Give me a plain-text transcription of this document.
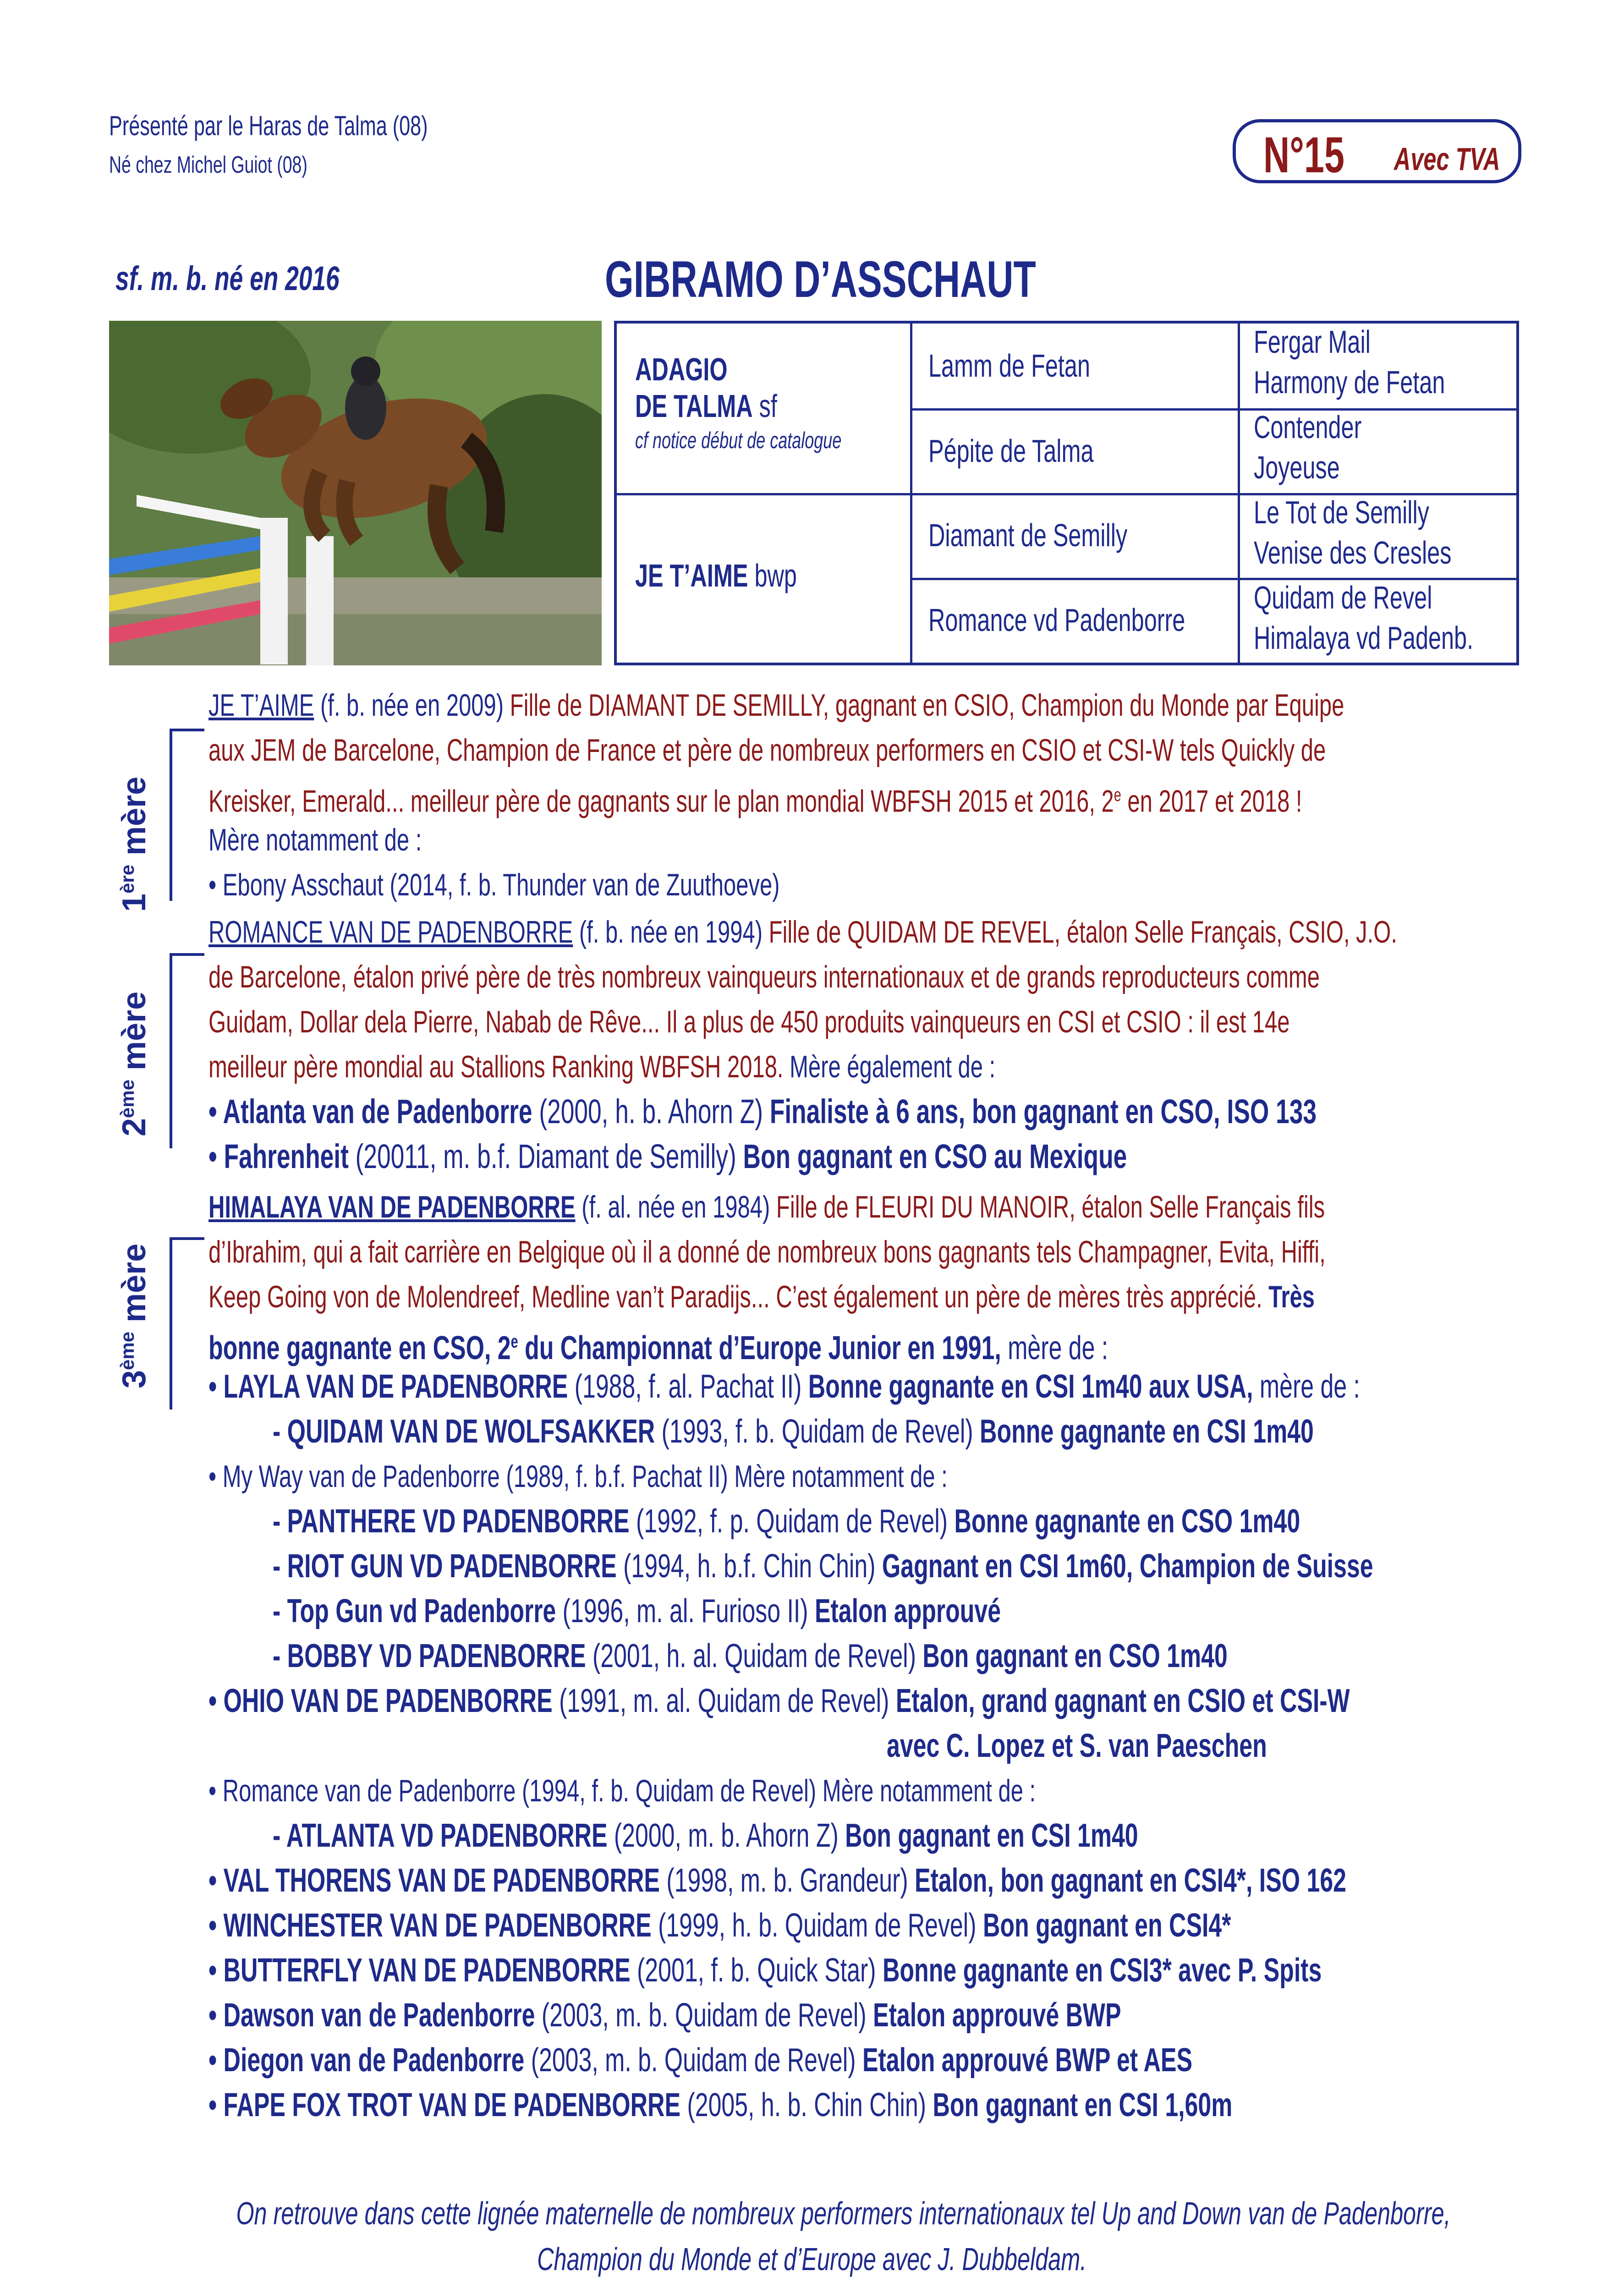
Présenté par le Haras de Talma (08)
Né chez Michel Guiot (08)	N°15 Avec TVA
sf. m. b. né en 2016	GIBRAMO D’ASSCHAUT
ADAGIO
DE TALMA sf
cf notice début de catalogue
JE T’AIME bwp
Lamm de Fetan
Pépite de Talma
Diamant de Semilly
Romance vd Padenborre
Fergar Mail
Harmony de Fetan
Contender
Joyeuse
Le Tot de Semilly
Venise des Cresles
Quidam de Revel
Himalaya vd Padenb.
1ère mère
2ème mère
3ème mère
JE T’AIME (f. b. née en 2009) Fille de DIAMANT DE SEMILLY, gagnant en CSIO, Champion du Monde par Equipe
aux JEM de Barcelone, Champion de France et père de nombreux performers en CSIO et CSI-W tels Quickly de
Kreisker, Emerald... meilleur père de gagnants sur le plan mondial WBFSH 2015 et 2016, 2e en 2017 et 2018 !
Mère notamment de :
• Ebony Asschaut (2014, f. b. Thunder van de Zuuthoeve)
ROMANCE VAN DE PADENBORRE (f. b. née en 1994) Fille de QUIDAM DE REVEL, étalon Selle Français, CSIO, J.O.
de Barcelone, étalon privé père de très nombreux vainqueurs internationaux et de grands reproducteurs comme
Guidam, Dollar dela Pierre, Nabab de Rêve... Il a plus de 450 produits vainqueurs en CSI et CSIO : il est 14e
meilleur père mondial au Stallions Ranking WBFSH 2018. Mère également de :
• Atlanta van de Padenborre (2000, h. b. Ahorn Z) Finaliste à 6 ans, bon gagnant en CSO, ISO 133
• Fahrenheit (20011, m. b.f. Diamant de Semilly) Bon gagnant en CSO au Mexique
HIMALAYA VAN DE PADENBORRE (f. al. née en 1984) Fille de FLEURI DU MANOIR, étalon Selle Français fils
d’Ibrahim, qui a fait carrière en Belgique où il a donné de nombreux bons gagnants tels Champagner, Evita, Hiffi,
Keep Going von de Molendreef, Medline van’t Paradijs... C’est également un père de mères très apprécié. Très
bonne gagnante en CSO, 2e du Championnat d’Europe Junior en 1991, mère de :
• LAYLA VAN DE PADENBORRE (1988, f. al. Pachat II) Bonne gagnante en CSI 1m40 aux USA, mère de :
- QUIDAM VAN DE WOLFSAKKER (1993, f. b. Quidam de Revel) Bonne gagnante en CSI 1m40
• My Way van de Padenborre (1989, f. b.f. Pachat II) Mère notamment de :
- PANTHERE VD PADENBORRE (1992, f. p. Quidam de Revel) Bonne gagnante en CSO 1m40
- RIOT GUN VD PADENBORRE (1994, h. b.f. Chin Chin) Gagnant en CSI 1m60, Champion de Suisse
- Top Gun vd Padenborre (1996, m. al. Furioso II) Etalon approuvé
- BOBBY VD PADENBORRE (2001, h. al. Quidam de Revel) Bon gagnant en CSO 1m40
• OHIO VAN DE PADENBORRE (1991, m. al. Quidam de Revel) Etalon, grand gagnant en CSIO et CSI-W
avec C. Lopez et S. van Paeschen
• Romance van de Padenborre (1994, f. b. Quidam de Revel) Mère notamment de :
- ATLANTA VD PADENBORRE (2000, m. b. Ahorn Z) Bon gagnant en CSI 1m40
• VAL THORENS VAN DE PADENBORRE (1998, m. b. Grandeur) Etalon, bon gagnant en CSI4*, ISO 162
• WINCHESTER VAN DE PADENBORRE (1999, h. b. Quidam de Revel) Bon gagnant en CSI4*
• BUTTERFLY VAN DE PADENBORRE (2001, f. b. Quick Star) Bonne gagnante en CSI3* avec P. Spits
• Dawson van de Padenborre (2003, m. b. Quidam de Revel) Etalon approuvé BWP
• Diegon van de Padenborre (2003, m. b. Quidam de Revel) Etalon approuvé BWP et AES
• FAPE FOX TROT VAN DE PADENBORRE (2005, h. b. Chin Chin) Bon gagnant en CSI 1,60m
On retrouve dans cette lignée maternelle de nombreux performers internationaux tel Up and Down van de Padenborre,
Champion du Monde et d’Europe avec J. Dubbeldam.
